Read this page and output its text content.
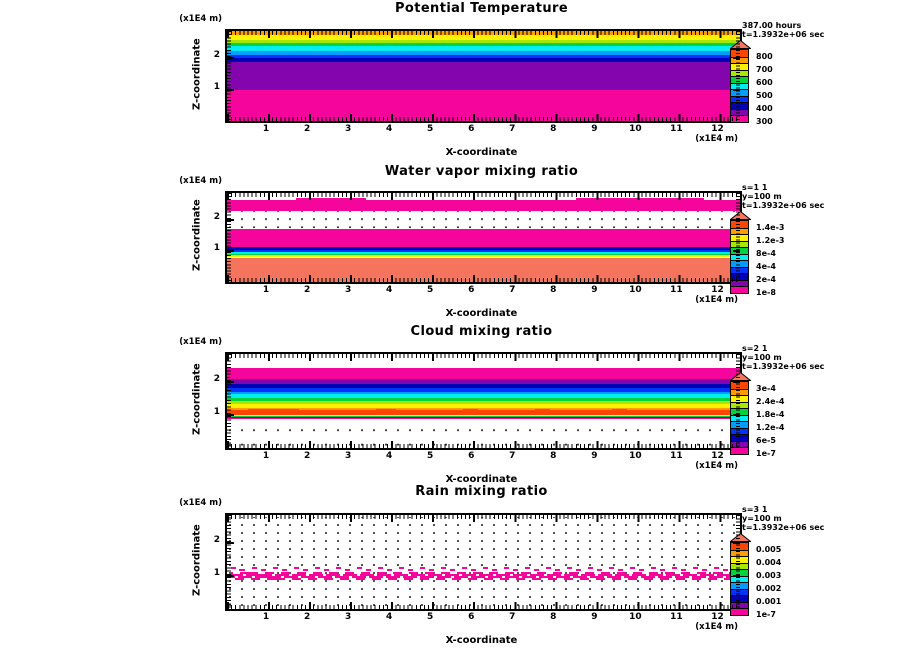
Potential Temperature
(x1E4 m)
Z-coordinate	2
1
1	2	3	4	5	6	7	8	9	10	11	12
(x1E4 m)
X-coordinate
387.00 hours
t=1.3932e+06 sec
800
700
600
500
400
300
Water vapor mixing ratio
(x1E4 m)
Z-coordinate	2
1
1	2	3	4	5	6	7	8	9	10	11	12
(x1E4 m)
X-coordinate
s=1 1
y=100 m
t=1.3932e+06 sec
1.4e-3
1.2e-3
8e-4
4e-4
2e-4
1e-8
Cloud mixing ratio
(x1E4 m)
Z-coordinate	2
1
1	2	3	4	5	6	7	8	9	10	11	12
(x1E4 m)
X-coordinate
s=2 1
y=100 m
t=1.3932e+06 sec
3e-4
2.4e-4
1.8e-4
1.2e-4
6e-5
1e-7
Rain mixing ratio
(x1E4 m)
Z-coordinate	2
1
1	2	3	4	5	6	7	8	9	10	11	12
(x1E4 m)
X-coordinate
s=3 1
y=100 m
t=1.3932e+06 sec
0.005
0.004
0.003
0.002
0.001
1e-7
